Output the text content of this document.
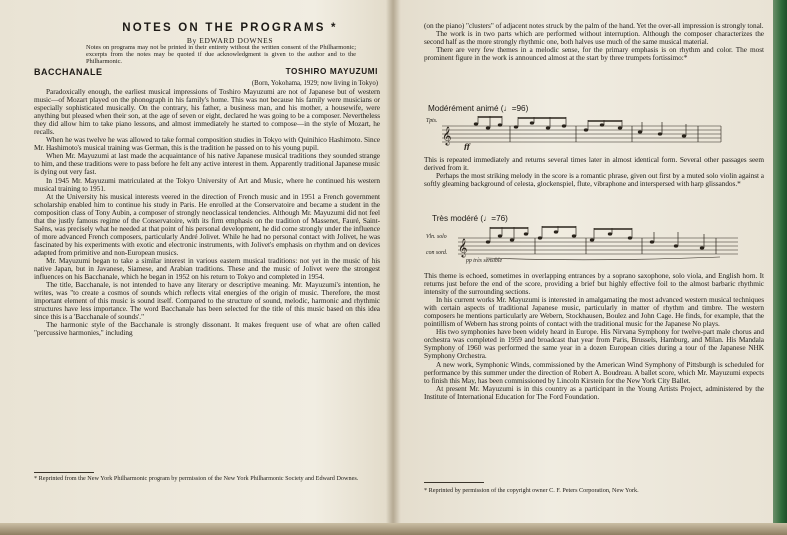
NOTES ON THE PROGRAMS *
By EDWARD DOWNES

Notes on programs may not be printed in their entirety without the written consent of the Philharmonic; excerpts from the notes may be quoted if due acknowledgment is given to the author and to the Philharmonic.

BACCHANALE	TOSHIRO MAYUZUMI
(Born, Yokohama, 1929; now living in Tokyo)

Paradoxically enough, the earliest musical impressions of Toshiro Mayuzumi are not of Japanese but of western music—of Mozart played on the phonograph in his family's home. This was not because his family were musicians or especially sophisticated musically. On the contrary, his father, a business man, and his mother, a housewife, were anything but pleased when their son, at the age of seven or eight, declared he was going to be a composer. Nevertheless they did allow him to take piano lessons, and almost immediately he started to compose—in the style of Mozart, he recalls.

When he was twelve he was allowed to take formal composition studies in Tokyo with Quinihico Hashimoto. Since Mr. Hashimoto's musical training was German, this is the tradition he passed on to his young pupil.

When Mr. Mayuzumi at last made the acquaintance of his native Japanese musical traditions they sounded strange to him, and these traditions were to pass before he felt any active interest in them. Apparently traditional Japanese music is dying out very fast.

In 1945 Mr. Mayuzumi matriculated at the Tokyo University of Art and Music, where he continued his western musical training to 1951.

At the University his musical interests veered in the direction of French music and in 1951 a French government scholarship enabled him to continue his study in Paris. He enrolled at the Conservatoire and became a student in the composition class of Tony Aubin, a composer of strongly neoclassical tendencies. Although Mr. Mayuzumi did not feel that the justly famous regime of the Conservatoire, with its firm emphasis on the tradition of Massenet, Fauré, Saint-Saëns, was precisely what he needed at that point of his personal development, he did come strongly under the influence of more advanced French composers, particularly André Jolivet. While he had no personal contact with Jolivet, he was fascinated by his experiments with exotic and electronic instruments, with Jolivet's emphasis on rhythm and on devices adapted from primitive and non-European musics.

Mr. Mayuzumi began to take a similar interest in various eastern musical traditions: not yet in the music of his native Japan, but in Javanese, Siamese, and Arabian traditions. These and the music of Jolivet were the strongest influences on his Bacchanale, which he began in 1952 on his return to Tokyo and completed in 1954.

The title, Bacchanale, is not intended to have any literary or descriptive meaning. Mr. Mayuzumi's intention, he writes, was "to create a cosmos of sounds which reflects vital energies of the origin of music. Therefore, the most important element of this music is sound itself. Compared to the structure of sound, melodic, harmonic and rhythmic structures have less importance. The word Bacchanale has been selected for the title of this music based on this idea since this is a 'Bacchanale of sounds'."

The harmonic style of the Bacchanale is strongly dissonant. It makes frequent use of what are often called "percussive harmonies," including

* Reprinted from the New York Philharmonic program by permission of the New York Philharmonic Society and Edward Downes.

(on the piano) "clusters" of adjacent notes struck by the palm of the hand. Yet the over-all impression is strongly tonal.

The work is in two parts which are performed without interruption. Although the composer characterizes the second half as the more strongly rhythmic one, both halves use much of the same musical material.

There are very few themes in a melodic sense, for the primary emphasis is on rhythm and color. The most prominent figure in the work is announced almost at the start by three trumpets fortissimo:*

Modérément animé (♩=96)
Tpts.
𝄞
ff

This is repeated immediately and returns several times later in almost identical form. Several other passages seem derived from it.

Perhaps the most striking melody in the score is a romantic phrase, given out first by a muted solo violin against a softly gleaming background of celesta, glockenspiel, flute, vibraphone and interspersed with harp glissandos.*

Très modéré (♩=76)
Vln. solo
con sord.
pp très sensible
𝄞

This theme is echoed, sometimes in overlapping entrances by a soprano saxophone, solo viola, and English horn. It returns just before the end of the score, providing a brief but highly effective foil to the almost barbaric rhythmic intensity of the surrounding sections.

In his current works Mr. Mayuzumi is interested in amalgamating the most advanced western musical techniques with certain aspects of traditional Japanese music, particularly in matter of rhythm and timbre. The western composers he mentions particularly are Webern, Stockhausen, Boulez and John Cage. He finds, for example, that the pointillism of Webern has strong points of contact with the traditional music for the Japanese No plays.

His two symphonies have been widely heard in Europe. His Nirvana Symphony for twelve-part male chorus and orchestra was completed in 1959 and broadcast that year from Paris, Brussels, Hamburg, and Milan. His Mandala Symphony of 1960 was performed the same year in a dozen European cities during a tour of the Japanese NHK Symphony Orchestra.

A new work, Symphonic Winds, commissioned by the American Wind Symphony of Pittsburgh is scheduled for performance by this summer under the direction of Robert A. Boudreau. A ballet score, which Mr. Mayuzumi expects to finish this May, has been commissioned by Lincoln Kirstein for the New York City Ballet.

At present Mr. Mayuzumi is in this country as a participant in the Young Artists Project, administered by the Institute of International Education for The Ford Foundation.

* Reprinted by permission of the copyright owner C. F. Peters Corporation, New York.
